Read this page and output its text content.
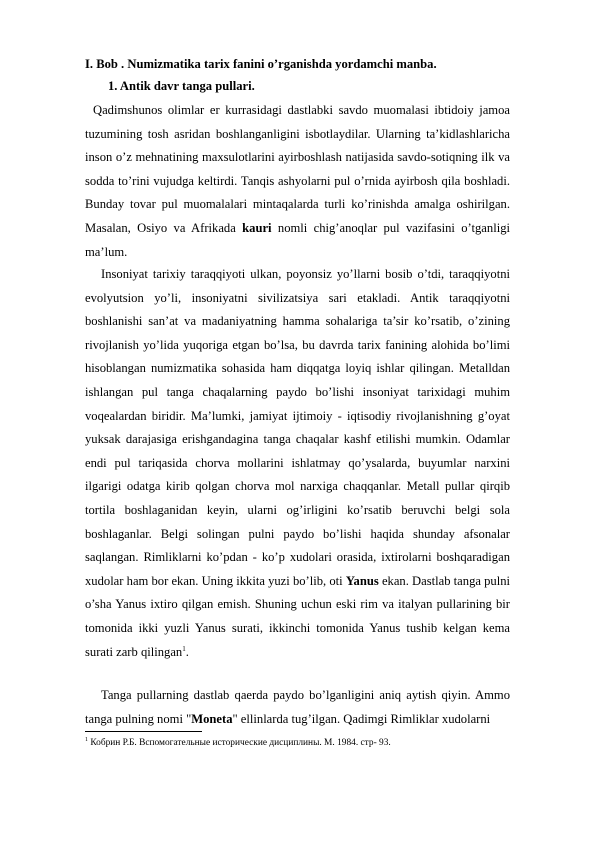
I. Bob . Numizmatika tarix fanini o’rganishda yordamchi manba.
1. Antik davr tanga pullari.

Qadimshunos olimlar er kurrasidagi dastlabki savdo muomalasi ibtidoiy jamoa tuzumining tosh asridan boshlanganligini isbotlaydilar. Ularning ta’kidlashlaricha inson o’z mehnatining maxsulotlarini ayirboshlash natijasida savdo-sotiqning ilk va sodda to’rini vujudga keltirdi. Tanqis ashyolarni pul o’rnida ayirbosh qila boshladi. Bunday tovar pul muomalalari mintaqalarda turli ko’rinishda amalga oshirilgan. Masalan, Osiyo va Afrikada kauri nomli chig’anoqlar pul vazifasini o’tganligi ma’lum.

Insoniyat tarixiy taraqqiyoti ulkan, poyonsiz yo’llarni bosib o’tdi, taraqqiyotni evolyutsion yo’li, insoniyatni sivilizatsiya sari etakladi. Antik taraqqiyotni boshlanishi san’at va madaniyatning hamma sohalariga ta’sir ko’rsatib, o’zining rivojlanish yo’lida yuqoriga etgan bo’lsa, bu davrda tarix fanining alohida bo’limi hisoblangan numizmatika sohasida ham diqqatga loyiq ishlar qilingan. Metalldan ishlangan pul tanga chaqalarning paydo bo’lishi insoniyat tarixidagi muhim voqealardan biridir. Ma’lumki, jamiyat ijtimoiy - iqtisodiy rivojlanishning g’oyat yuksak darajasiga erishgandagina tanga chaqalar kashf etilishi mumkin. Odamlar endi pul tariqasida chorva mollarini ishlatmay qo’ysalarda, buyumlar narxini ilgarigi odatga kirib qolgan chorva mol narxiga chaqqanlar. Metall pullar qirqib tortila boshlaganidan keyin, ularni og’irligini ko’rsatib beruvchi belgi sola boshlaganlar. Belgi solingan pulni paydo bo’lishi haqida shunday afsonalar saqlangan. Rimliklarni ko’pdan - ko’p xudolari orasida, ixtirolarni boshqaradigan xudolar ham bor ekan. Uning ikkita yuzi bo’lib, oti Yanus ekan. Dastlab tanga pulni o’sha Yanus ixtiro qilgan emish. Shuning uchun eski rim va italyan pullarining bir tomonida ikki yuzli Yanus surati, ikkinchi tomonida Yanus tushib kelgan kema surati zarb qilingan$^1$.

Tanga pullarning dastlab qaerda paydo bo’lganligini aniq aytish qiyin. Ammo tanga pulning nomi "Moneta" ellinlarda tug’ilgan. Qadimgi Rimliklar xudolarni

$^1$ Кобрин Р.Б. Вспомогательные исторические дисциплины. М. 1984. стр- 93.
